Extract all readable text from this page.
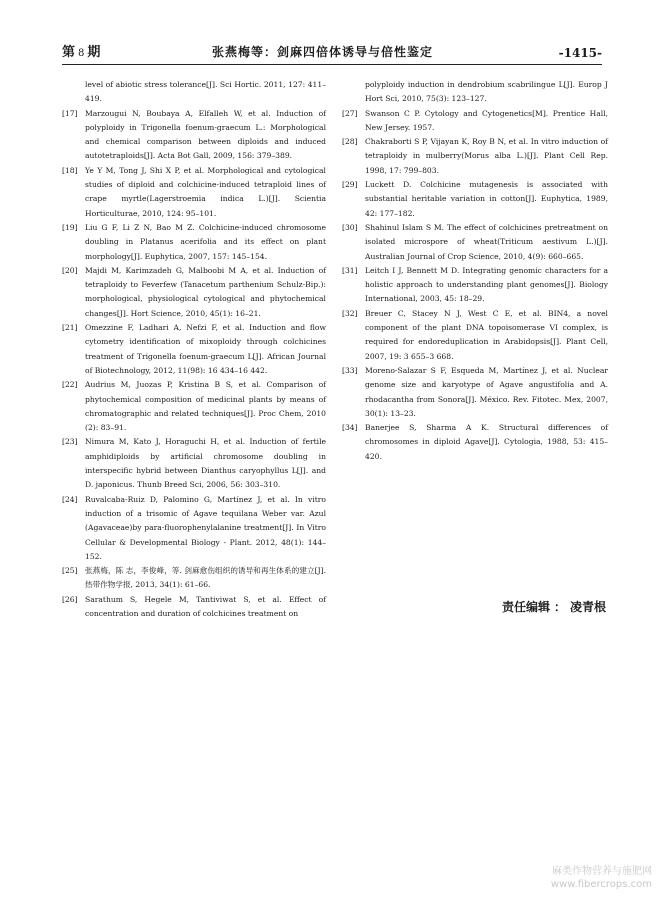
第 8 期	张燕梅等：剑麻四倍体诱导与倍性鉴定	-1415-
level of abiotic stress tolerance[J]. Sci Hortic. 2011, 127: 411–419.
[17] Marzougui N, Boubaya A, Elfalleh W, et al. Induction of polyploidy in Trigonella foenum-graecum L.: Morphological and chemical comparison between diploids and induced autotetraploids[J]. Acta Bot Gall, 2009, 156: 379–389.
[18] Ye Y M, Tong J, Shi X P, et al. Morphological and cytological studies of diploid and colchicine-induced tetraploid lines of crape myrtle(Lagerstroemia indica L.)[J]. Scientia Horticulturae, 2010, 124: 95–101.
[19] Liu G F, Li Z N, Bao M Z. Colchicine-induced chromosome doubling in Platanus acerifolia and its effect on plant morphology[J]. Euphytica, 2007, 157: 145–154.
[20] Majdi M, Karimzadeh G, Malboobi M A, et al. Induction of tetraploidy to Feverfew (Tanacetum parthenium Schulz-Bip.): morphological, physiological cytological and phytochemical changes[J]. Hort Science, 2010, 45(1): 16–21.
[21] Omezzine F, Ladhari A, Nefzi F, et al. Induction and flow cytometry identification of mixoploidy through colchicines treatment of Trigonella foenum-graecum L[J]. African Journal of Biotechnology, 2012, 11(98): 16 434–16 442.
[22] Audrius M, Juozas P, Kristina B S, et al. Comparison of phytochemical composition of medicinal plants by means of chromatographic and related techniques[J]. Proc Chem, 2010 (2): 83–91.
[23] Nimura M, Kato J, Horaguchi H, et al. Induction of fertile amphidiploids by artificial chromosome doubling in interspecific hybrid between Dianthus caryophyllus L[J]. and D. japonicus. Thunb Breed Sci, 2006, 56: 303–310.
[24] Ruvalcaba-Ruiz D, Palomino G, Martínez J, et al. In vitro induction of a trisomic of Agave tequilana Weber var. Azul (Agavaceae)by para-fluorophenylalanine treatment[J]. In Vitro Cellular & Developmental Biology - Plant. 2012, 48(1): 144–152.
[25] 张燕梅，陈 志，李俊峰，等. 剑麻愈伤组织的诱导和再生体系的建立[J]. 热带作物学报, 2013, 34(1): 61–66.
[26] Sarathum S, Hegele M, Tantiviwat S, et al. Effect of concentration and duration of colchicines treatment on
polyploidy induction in dendrobium scabrilingue L[J]. Europ J Hort Sci, 2010, 75(3): 123–127.
[27] Swanson C P. Cytology and Cytogenetics[M]. Prentice Hall, New Jersey. 1957.
[28] Chakraborti S P, Vijayan K, Roy B N, et al. In vitro induction of tetraploidy in mulberry(Morus alba L.)[J]. Plant Cell Rep. 1998, 17: 799–803.
[29] Luckett D. Colchicine mutagenesis is associated with substantial heritable variation in cotton[J]. Euphytica, 1989, 42: 177–182.
[30] Shahinul Islam S M. The effect of colchicines pretreatment on isolated microspore of wheat(Triticum aestivum L.)[J]. Australian Journal of Crop Science, 2010, 4(9): 660–665.
[31] Leitch I J, Bennett M D. Integrating genomic characters for a holistic approach to understanding plant genomes[J]. Biology International, 2003, 45: 18–29.
[32] Breuer C, Stacey N J, West C E, et al. BIN4, a novel component of the plant DNA topoisomerase VI complex, is required for endoreduplication in Arabidopsis[J]. Plant Cell, 2007, 19: 3 655–3 668.
[33] Moreno-Salazar S F, Esqueda M, Martínez J, et al. Nuclear genome size and karyotype of Agave angustifolia and A. rhodacantha from Sonora[J]. México. Rev. Fitotec. Mex, 2007, 30(1): 13–23.
[34] Banerjee S, Sharma A K. Structural differences of chromosomes in diploid Agave[J]. Cytologia, 1988, 53: 415–420.
责任编辑 ： 凌青根
麻类作物营养与施肥网
www.fibercrops.com
